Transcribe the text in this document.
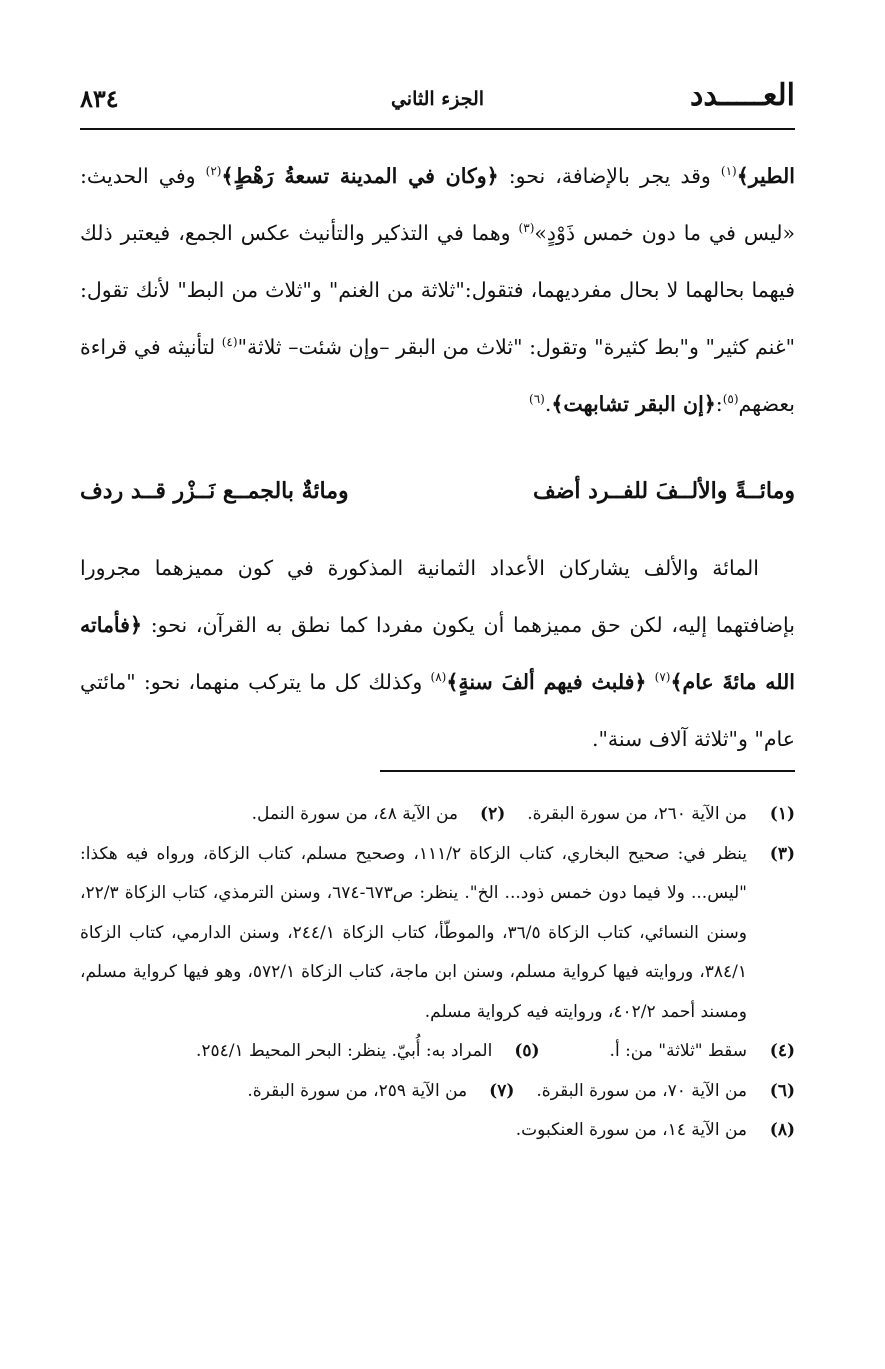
العـــــدد
الجزء الثاني
٨٣٤

الطير﴾$^{(١)}$ وقد يجر بالإضافة، نحو: ﴿وكان في المدينة تسعةُ رَهْطٍ﴾$^{(٢)}$ وفي الحديث: «ليس في ما دون خمس ذَوْدٍ»$^{(٣)}$ وهما في التذكير والتأنيث عكس الجمع، فيعتبر ذلك فيهما بحالهما لا بحال مفرديهما، فتقول:"ثلاثة من الغنم" و"ثلاث من البط" لأنك تقول: "غنم كثير" و"بط كثيرة" وتقول: "ثلاث من البقر –وإن شئت– ثلاثة"$^{(٤)}$ لتأنيثه في قراءة بعضهم$^{(٥)}$:﴿إن البقر تشابهت﴾.$^{(٦)}$

ومائــةً والألــفَ للفــرد أضف
ومائةٌ بالجمــع نَــزْر قــد ردف

المائة والألف يشاركان الأعداد الثمانية المذكورة في كون مميزهما مجرورا بإضافتهما إليه، لكن حق مميزهما أن يكون مفردا كما نطق به القرآن، نحو: ﴿فأماته الله مائةَ عام﴾$^{(٧)}$ ﴿فلبث فيهم ألفَ سنةٍ﴾$^{(٨)}$ وكذلك كل ما يتركب منهما، نحو: "مائتي عام" و"ثلاثة آلاف سنة".

(١)
من الآية ٢٦٠، من سورة البقرة.(٢)من الآية ٤٨، من سورة النمل.
(٣)
ينظر في: صحيح البخاري، كتاب الزكاة ١١١/٢، وصحيح مسلم، كتاب الزكاة، ورواه فيه هكذا: "ليس... ولا فيما دون خمس ذود... الخ". ينظر: ص٦٧٣-٦٧٤، وسنن الترمذي، كتاب الزكاة ٢٢/٣، وسنن النسائي، كتاب الزكاة ٣٦/٥، والموطّأ، كتاب الزكاة ٢٤٤/١، وسنن الدارمي، كتاب الزكاة ٣٨٤/١، وروايته فيها كرواية مسلم، وسنن ابن ماجة، كتاب الزكاة ٥٧٢/١، وهو فيها كرواية مسلم، ومسند أحمد ٤٠٢/٢، وروايته فيه كرواية مسلم.
(٤)
سقط "ثلاثة" من: أ.(٥)المراد به: أُبيّ. ينظر: البحر المحيط ٢٥٤/١.
(٦)
من الآية ٧٠، من سورة البقرة.(٧)من الآية ٢٥٩، من سورة البقرة.
(٨)
من الآية ١٤، من سورة العنكبوت.
